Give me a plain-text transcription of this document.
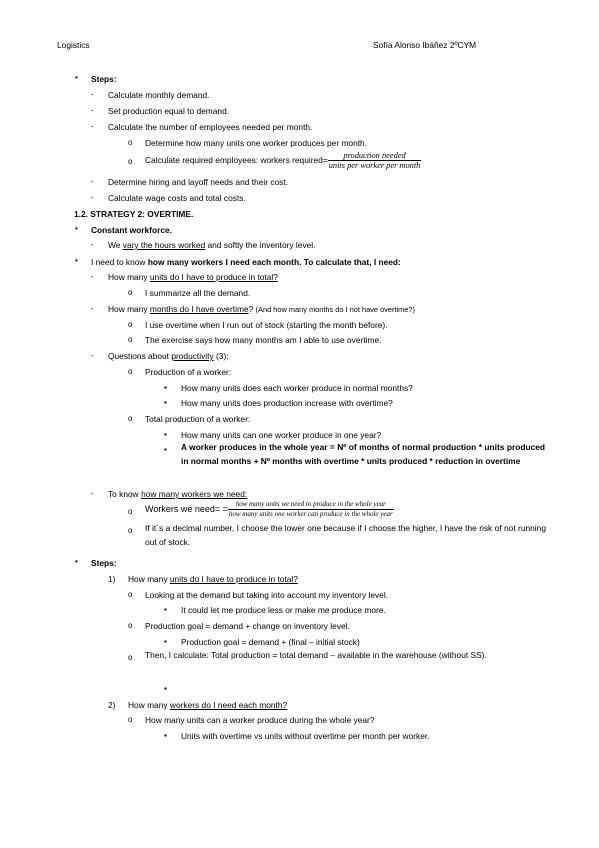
Logistics	Sofía Alonso Ibáñez 2ºCYM
• Steps:
- Calculate monthly demand.
- Set production equal to demand.
- Calculate the number of employees needed per month.
o Determine how many units one worker produces per month.
o Calculate required employees: workers required= $\frac{\text{production needed}}{\text{units per worker per month}}$
- Determine hiring and layoff needs and their cost.
- Calculate wage costs and total costs.
1.2. STRATEGY 2: OVERTIME.
• Constant workforce.
- We vary the hours worked and softly the inventory level.
• I need to know how many workers I need each month. To calculate that, I need:
- How many units do I have to produce in total?
o I summarize all the demand.
- How many months do I have overtime? (And how many months do I not have overtime?)
o I use overtime when I run out of stock (starting the month before).
o The exercise says how many months am I able to use overtime.
- Questions about productivity (3):
o Production of a worker:
▪ How many units does each worker produce in normal months?
▪ How many units does production increase with overtime?
o Total production of a worker:
▪ How many units can one worker produce in one year?
▪ A worker produces in the whole year = Nº of months of normal production * units produced in normal months + Nº months with overtime * units produced * reduction in overtime
- To know how many workers we need:
o Workers we need= = $\frac{\text{how many units we need to produce in the whole year}}{\text{how many units one worker can produce in the whole year}}$
o If it´s a decimal number, I choose the lower one because if I choose the higher, I have the risk of not running out of stock.
• Steps:
1) How many units do I have to produce in total?
o Looking at the demand but taking into account my inventory level.
▪ It could let me produce less or make me produce more.
o Production goal = demand + change on inventory level.
▪ Production goal = demand + (final – initial stock)
o Then, I calculate: Total production = total demand – available in the warehouse (without SS).
▪
2) How many workers do I need each month?
o How many units can a worker produce during the whole year?
▪ Units with overtime vs units without overtime per month per worker.
